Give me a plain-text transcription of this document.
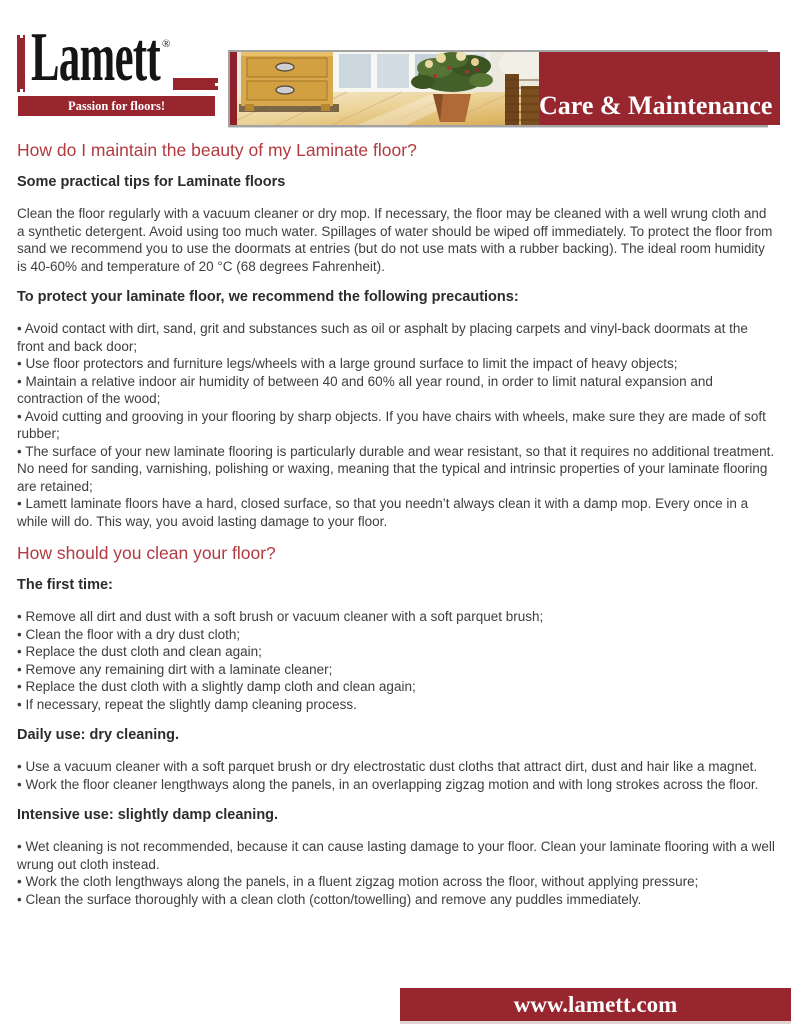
Lamett ®
Passion for floors!	Care & Maintenance
How do I maintain the beauty of my Laminate floor?
Some practical tips for Laminate floors

Clean the floor regularly with a vacuum cleaner or dry mop. If necessary, the floor may be cleaned with a well wrung cloth and a synthetic detergent. Avoid using too much water. Spillages of water should be wiped off immediately. To protect the floor from sand we recommend you to use the doormats at entries (but do not use mats with a rubber backing). The ideal room humidity is 40-60% and temperature of 20 °C (68 degrees Fahrenheit).

To protect your laminate floor, we recommend the following precautions:
• Avoid contact with dirt, sand, grit and substances such as oil or asphalt by placing carpets and vinyl-back doormats at the front and back door;
• Use floor protectors and furniture legs/wheels with a large ground surface to limit the impact of heavy objects;
• Maintain a relative indoor air humidity of between 40 and 60% all year round, in order to limit natural expansion and contraction of the wood;
• Avoid cutting and grooving in your flooring by sharp objects. If you have chairs with wheels, make sure they are made of soft rubber;
• The surface of your new laminate flooring is particularly durable and wear resistant, so that it requires no additional treatment. No need for sanding, varnishing, polishing or waxing, meaning that the typical and intrinsic properties of your laminate flooring are retained;
• Lamett laminate floors have a hard, closed surface, so that you needn’t always clean it with a damp mop. Every once in a while will do. This way, you avoid lasting damage to your floor.
How should you clean your floor?
The first time:
• Remove all dirt and dust with a soft brush or vacuum cleaner with a soft parquet brush;
• Clean the floor with a dry dust cloth;
• Replace the dust cloth and clean again;
• Remove any remaining dirt with a laminate cleaner;
• Replace the dust cloth with a slightly damp cloth and clean again;
• If necessary, repeat the slightly damp cleaning process.
Daily use: dry cleaning.
• Use a vacuum cleaner with a soft parquet brush or dry electrostatic dust cloths that attract dirt, dust and hair like a magnet.
• Work the floor cleaner lengthways along the panels, in an overlapping zigzag motion and with long strokes across the floor.
Intensive use: slightly damp cleaning.
• Wet cleaning is not recommended, because it can cause lasting damage to your floor. Clean your laminate flooring with a well wrung out cloth instead.
• Work the cloth lengthways along the panels, in a fluent zigzag motion across the floor, without applying pressure;
• Clean the surface thoroughly with a clean cloth (cotton/towelling) and remove any puddles immediately.
www.lamett.com
